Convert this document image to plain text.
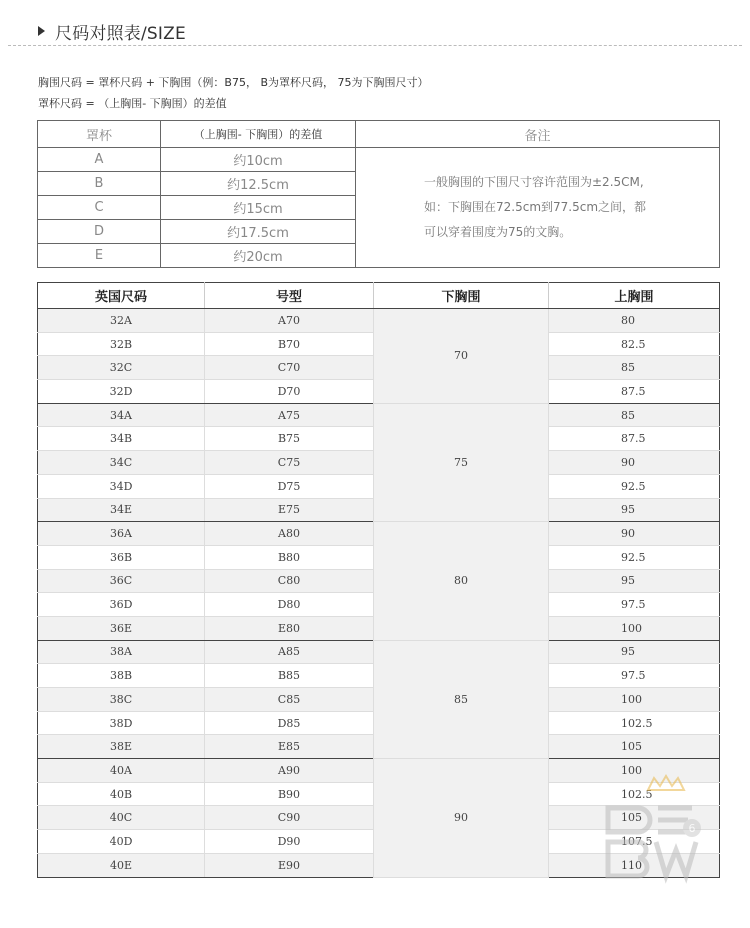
尺码对照表/SIZE
胸围尺码 = 罩杯尺码 + 下胸围（例：B75， B为罩杯尺码， 75为下胸围尺寸）
罩杯尺码 = （上胸围- 下胸围）的差值
罩杯	（上胸围- 下胸围）的差值	备注
A	约10cm	一般胸围的下围尺寸容许范围为±2.5CM,
如：下胸围在72.5cm到77.5cm之间，都
可以穿着围度为75的文胸。

B	约12.5cm	
C	约15cm	
D	约17.5cm	
E	约20cm	
英国尺码	号型	下胸围	上胸围
32A	A70	70	80
32B	B70		82.5
32C	C70		85
32D	D70		87.5
34A	A75	75	85
34B	B75		87.5
34C	C75		90
34D	D75		92.5
34E	E75		95
36A	A80	80	90
36B	B80		92.5
36C	C80		95
36D	D80		97.5
36E	E80		100
38A	A85	85	95
38B	B85		97.5
38C	C85		100
38D	D85		102.5
38E	E85		105
40A	A90	90	100
40B	B90		102.5
40C	C90		105
40D	D90		107.5
40E	E90		110
6
